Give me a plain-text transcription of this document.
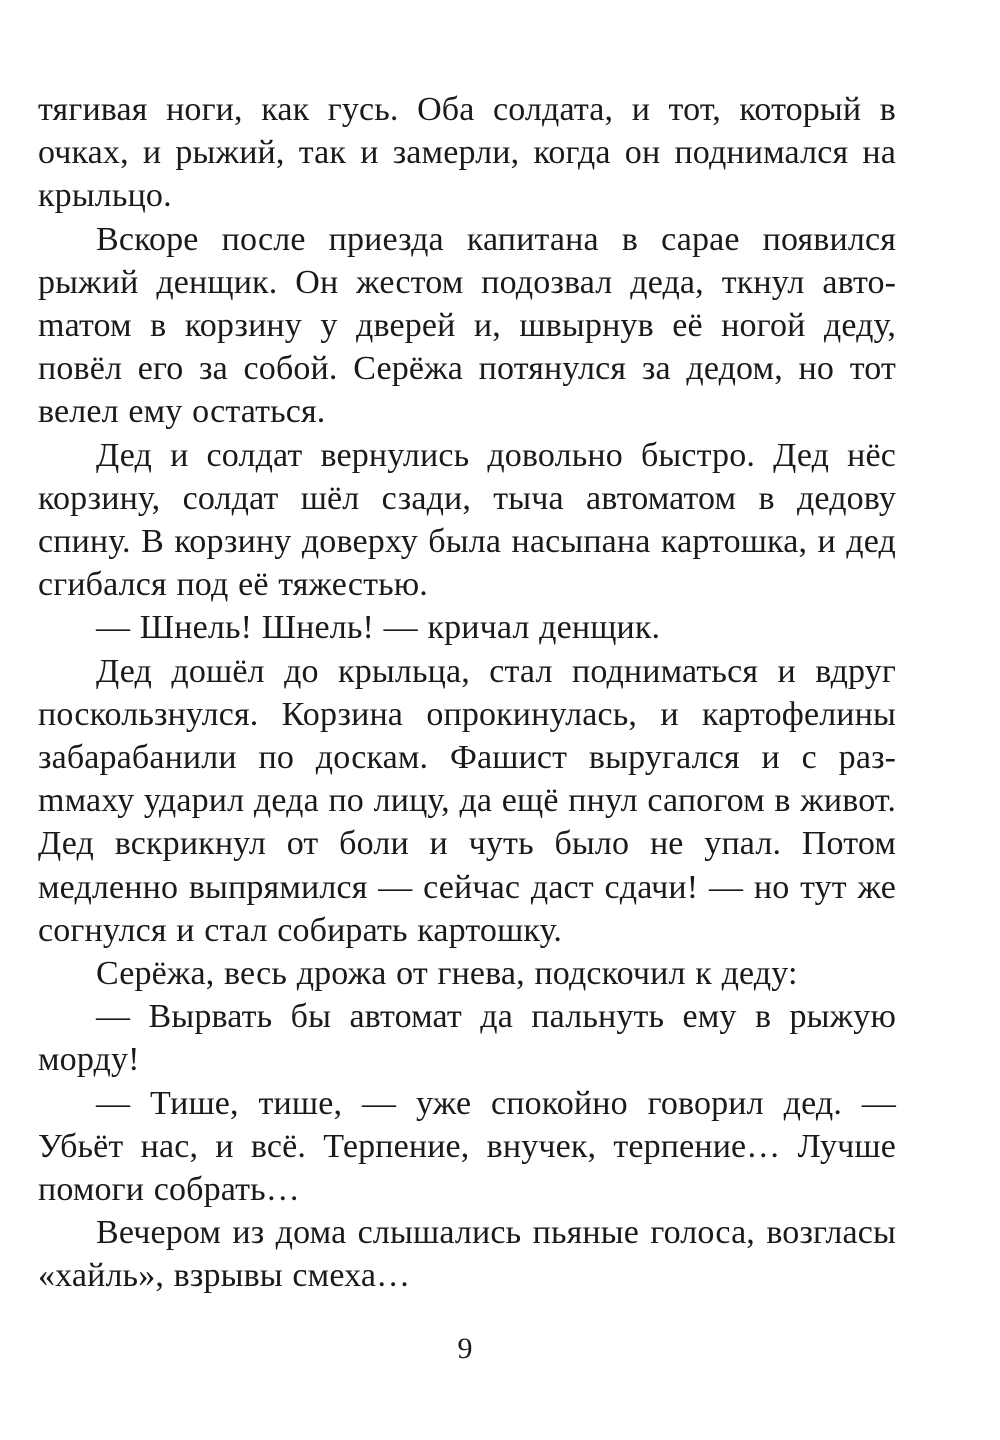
тягивая ноги, как гусь. Оба солдата, и тот, который в очках, и рыжий, так и замерли, когда он поднимался на крыльцо.

Вскоре после приезда капитана в сарае появился рыжий денщик. Он жестом подозвал деда, ткнул автоmатом в корзину у дверей и, швырнув её ногой деду, повёл его за собой. Серёжа потянулся за дедом, но тот велел ему остаться.

Дед и солдат вернулись довольно быстро. Дед нёс корзину, солдат шёл сзади, тыча автоматом в дедову спину. В корзину доверху была насыпана картошка, и дед сгибался под её тяжестью.

— Шнель! Шнель! — кричал денщик.

Дед дошёл до крыльца, стал подниматься и вдруг поскользнулся. Корзина опрокинулась, и картофелины забарабанили по доскам. Фашист выругался и с разmмаху ударил деда по лицу, да ещё пнул сапогом в живот. Дед вскрикнул от боли и чуть было не упал. Потом медленно выпрямился — сейчас даст сдачи! — но тут же согнулся и стал собирать картошку.

Серёжа, весь дрожа от гнева, подскочил к деду:

— Вырвать бы автомат да пальнуть ему в рыжую морду!

— Тише, тише, — уже спокойно говорил дед. — Убьёт нас, и всё. Терпение, внучек, терпение… Лучше помоги собрать…

Вечером из дома слышались пьяные голоса, возгласы «хайль», взрывы смеха…

9
